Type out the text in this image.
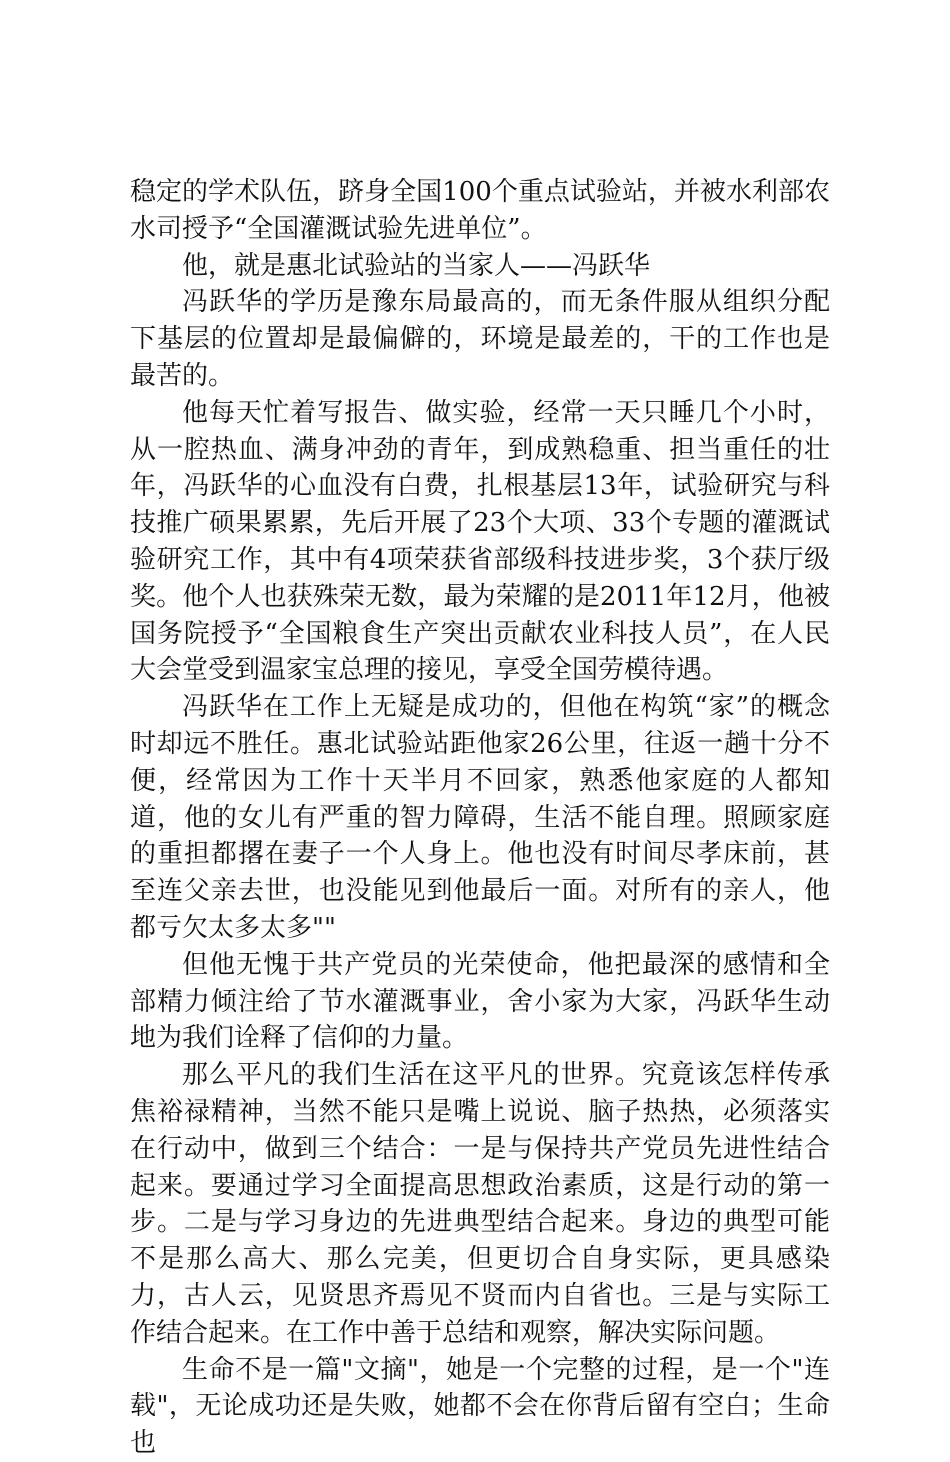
稳定的学术队伍，跻身全国100个重点试验站，并被水利部农水司授予“全国灌溉试验先进单位”。

他，就是惠北试验站的当家人——冯跃华

冯跃华的学历是豫东局最高的，而无条件服从组织分配下基层的位置却是最偏僻的，环境是最差的，干的工作也是最苦的。

他每天忙着写报告、做实验，经常一天只睡几个小时，从一腔热血、满身冲劲的青年，到成熟稳重、担当重任的壮年，冯跃华的心血没有白费，扎根基层13年，试验研究与科技推广硕果累累，先后开展了23个大项、33个专题的灌溉试验研究工作，其中有4项荣获省部级科技进步奖，3个获厅级奖。他个人也获殊荣无数，最为荣耀的是2011年12月，他被国务院授予“全国粮食生产突出贡献农业科技人员”，在人民大会堂受到温家宝总理的接见，享受全国劳模待遇。

冯跃华在工作上无疑是成功的，但他在构筑“家”的概念时却远不胜任。惠北试验站距他家26公里，往返一趟十分不便，经常因为工作十天半月不回家，熟悉他家庭的人都知道，他的女儿有严重的智力障碍，生活不能自理。照顾家庭的重担都撂在妻子一个人身上。他也没有时间尽孝床前，甚至连父亲去世，也没能见到他最后一面。对所有的亲人，他都亏欠太多太多""

但他无愧于共产党员的光荣使命，他把最深的感情和全部精力倾注给了节水灌溉事业，舍小家为大家，冯跃华生动地为我们诠释了信仰的力量。

那么平凡的我们生活在这平凡的世界。究竟该怎样传承焦裕禄精神，当然不能只是嘴上说说、脑子热热，必须落实在行动中，做到三个结合：一是与保持共产党员先进性结合起来。要通过学习全面提高思想政治素质，这是行动的第一步。二是与学习身边的先进典型结合起来。身边的典型可能不是那么高大、那么完美，但更切合自身实际，更具感染力，古人云，见贤思齐焉见不贤而内自省也。三是与实际工作结合起来。在工作中善于总结和观察，解决实际问题。

生命不是一篇"文摘"，她是一个完整的过程，是一个"连载"，无论成功还是失败，她都不会在你背后留有空白；生命也
